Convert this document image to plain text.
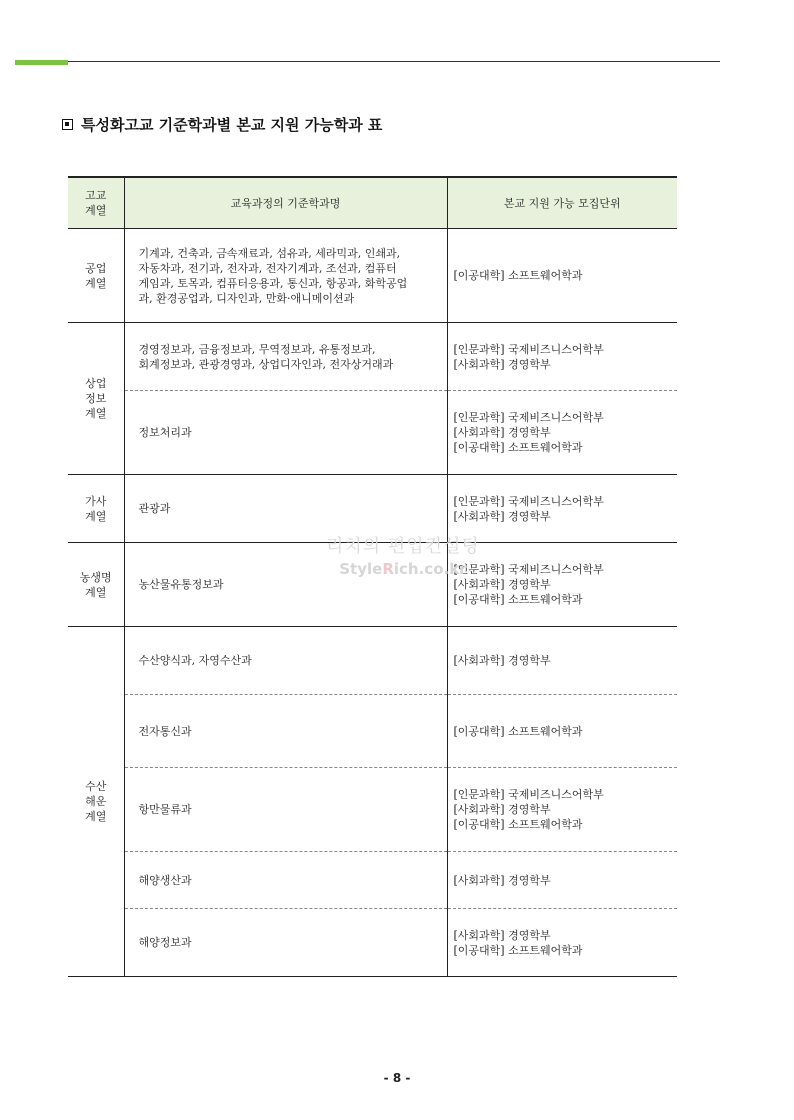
특성화고교 기준학과별 본교 지원 가능학과 표
고교
계열	교육과정의 기준학과명	본교 지원 가능 모집단위

공업
계열	기계과, 건축과, 금속재료과, 섬유과, 세라믹과, 인쇄과,
자동차과, 전기과, 전자과, 전자기계과, 조선과, 컴퓨터
게임과, 토목과, 컴퓨터응용과, 통신과, 항공과, 화학공업
과, 환경공업과, 디자인과, 만화·애니메이션과	[이공대학] 소프트웨어학과

상업
정보
계열	경영정보과, 금융정보과, 무역정보과, 유통정보과,
회계정보과, 관광경영과, 상업디자인과, 전자상거래과	[인문과학] 국제비즈니스어학부
[사회과학] 경영학부

	정보처리과	[인문과학] 국제비즈니스어학부
[사회과학] 경영학부
[이공대학] 소프트웨어학과

가사
계열	관광과	[인문과학] 국제비즈니스어학부
[사회과학] 경영학부

농생명
계열	농산물유통정보과	[인문과학] 국제비즈니스어학부
[사회과학] 경영학부
[이공대학] 소프트웨어학과

수산
해운
계열	수산양식과, 자영수산과	[사회과학] 경영학부

	전자통신과	[이공대학] 소프트웨어학과

	항만물류과	[인문과학] 국제비즈니스어학부
[사회과학] 경영학부
[이공대학] 소프트웨어학과

	해양생산과	[사회과학] 경영학부

	해양정보과	[사회과학] 경영학부
[이공대학] 소프트웨어학과
리치의 편입컨설팅
StyleRich.co.kr
- 8 -
